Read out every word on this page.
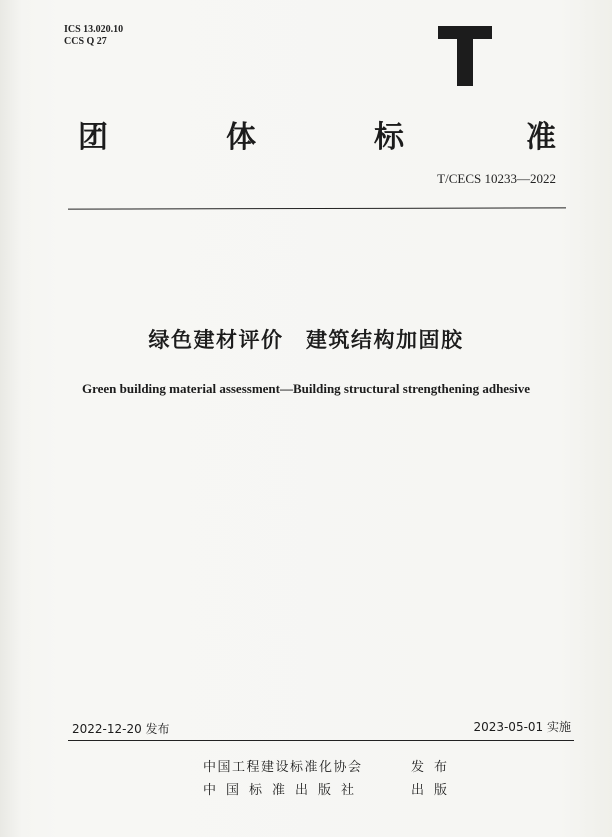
ICS 13.020.10
CCS Q 27
团	体	标	准
T/CECS 10233—2022
绿色建材评价　建筑结构加固胶
Green building material assessment—Building structural strengthening adhesive
2022-12-20 发布	2023-05-01 实施
中国工程建设标准化协会	发布
中国标准出版社	出版
